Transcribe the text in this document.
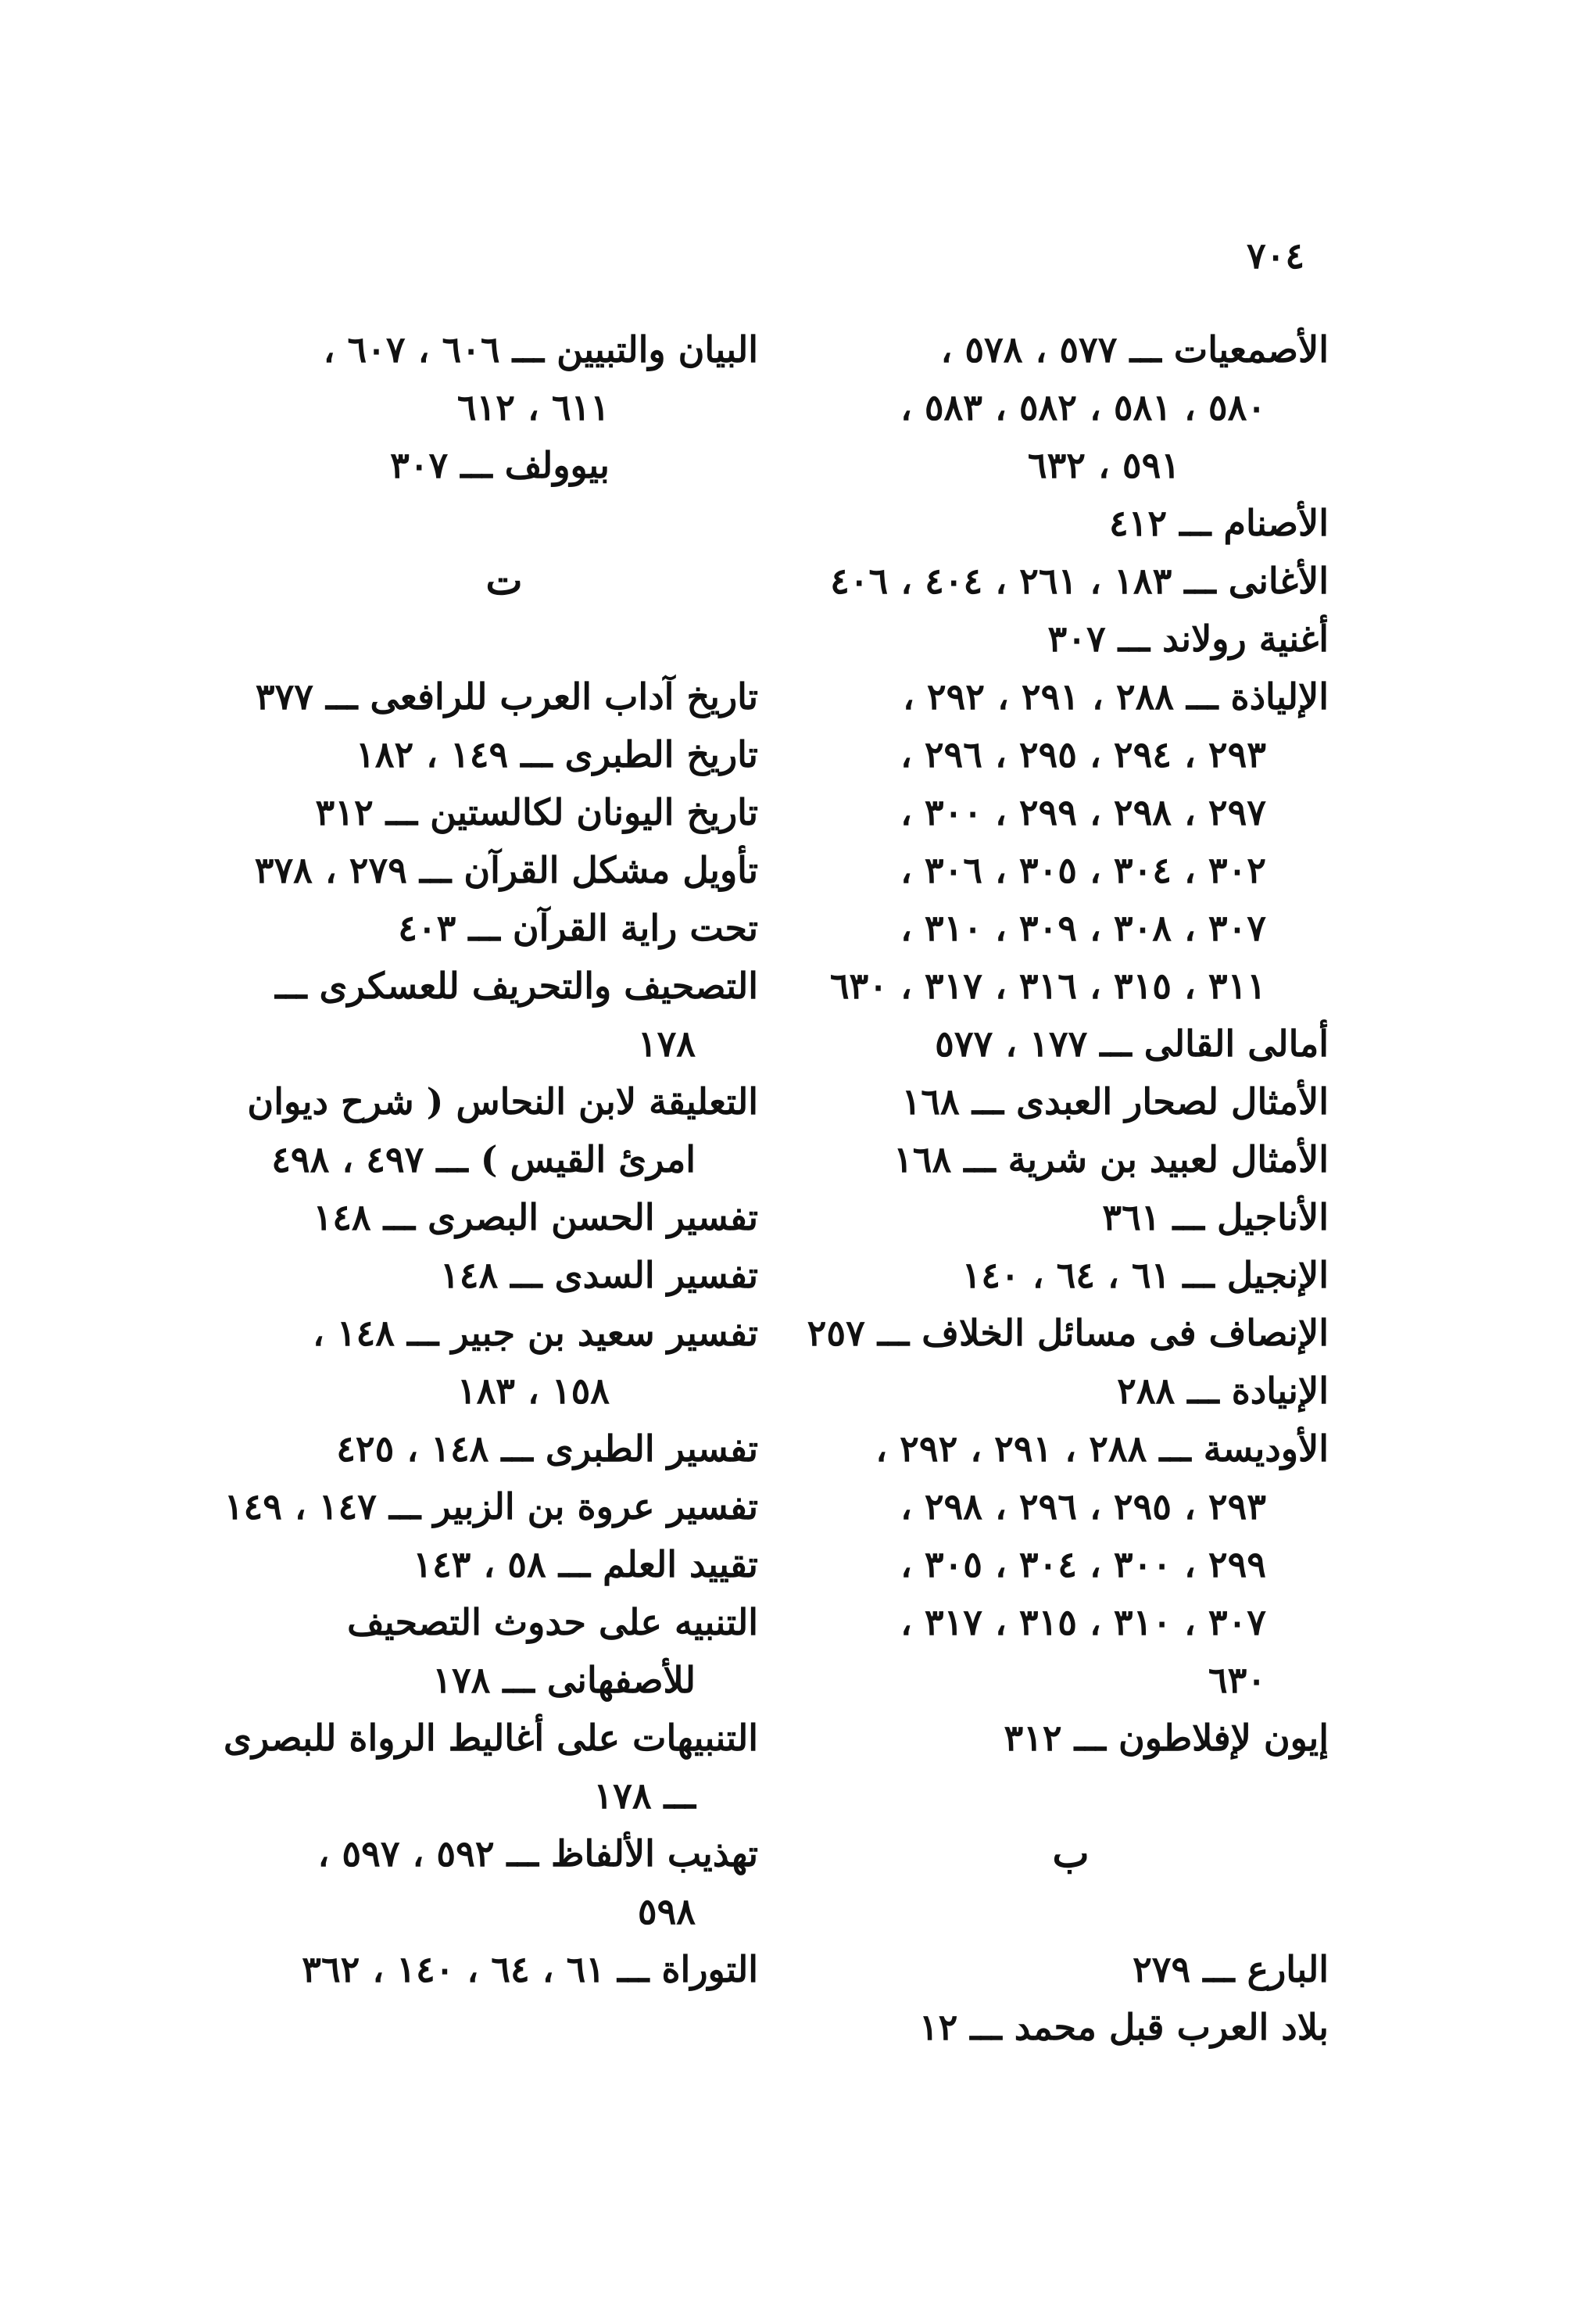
٧٠٤
الأصمعيات ـــ ٥٧٧ ، ٥٧٨ ،
٥٨٠ ، ٥٨١ ، ٥٨٢ ، ٥٨٣ ،
٥٩١ ، ٦٣٢
الأصنام ـــ ٤١٢
الأغانى ـــ ١٨٣ ، ٢٦١ ، ٤٠٤ ، ٤٠٦
أغنية رولاند ـــ ٣٠٧
الإلياذة ـــ ٢٨٨ ، ٢٩١ ، ٢٩٢ ،
٢٩٣ ، ٢٩٤ ، ٢٩٥ ، ٢٩٦ ،
٢٩٧ ، ٢٩٨ ، ٢٩٩ ، ٣٠٠ ،
٣٠٢ ، ٣٠٤ ، ٣٠٥ ، ٣٠٦ ،
٣٠٧ ، ٣٠٨ ، ٣٠٩ ، ٣١٠ ،
٣١١ ، ٣١٥ ، ٣١٦ ، ٣١٧ ، ٦٣٠
أمالى القالى ـــ ١٧٧ ، ٥٧٧
الأمثال لصحار العبدى ـــ ١٦٨
الأمثال لعبيد بن شرية ـــ ١٦٨
الأناجيل ـــ ٣٦١
الإنجيل ـــ ٦١ ، ٦٤ ، ١٤٠
الإنصاف فى مسائل الخلاف ـــ ٢٥٧
الإنيادة ـــ ٢٨٨
الأوديسة ـــ ٢٨٨ ، ٢٩١ ، ٢٩٢ ،
٢٩٣ ، ٢٩٥ ، ٢٩٦ ، ٢٩٨ ،
٢٩٩ ، ٣٠٠ ، ٣٠٤ ، ٣٠٥ ،
٣٠٧ ، ٣١٠ ، ٣١٥ ، ٣١٧ ،
٦٣٠
إيون لإفلاطون ـــ ٣١٢
ب
البارع ـــ ٢٧٩
بلاد العرب قبل محمد ـــ ١٢
البيان والتبيين ـــ ٦٠٦ ، ٦٠٧ ،
٦١١ ، ٦١٢
بيوولف ـــ ٣٠٧
ت
تاريخ آداب العرب للرافعى ـــ ٣٧٧
تاريخ الطبرى ـــ ١٤٩ ، ١٨٢
تاريخ اليونان لكالستين ـــ ٣١٢
تأويل مشكل القرآن ـــ ٢٧٩ ، ٣٧٨
تحت راية القرآن ـــ ٤٠٣
التصحيف والتحريف للعسكرى ـــ
١٧٨
التعليقة لابن النحاس ( شرح ديوان
امرئ القيس ) ـــ ٤٩٧ ، ٤٩٨
تفسير الحسن البصرى ـــ ١٤٨
تفسير السدى ـــ ١٤٨
تفسير سعيد بن جبير ـــ ١٤٨ ،
١٥٨ ، ١٨٣
تفسير الطبرى ـــ ١٤٨ ، ٤٢٥
تفسير عروة بن الزبير ـــ ١٤٧ ، ١٤٩
تقييد العلم ـــ ٥٨ ، ١٤٣
التنبيه على حدوث التصحيف
للأصفهانى ـــ ١٧٨
التنبيهات على أغاليط الرواة للبصرى
ـــ ١٧٨
تهذيب الألفاظ ـــ ٥٩٢ ، ٥٩٧ ،
٥٩٨
التوراة ـــ ٦١ ، ٦٤ ، ١٤٠ ، ٣٦٢
